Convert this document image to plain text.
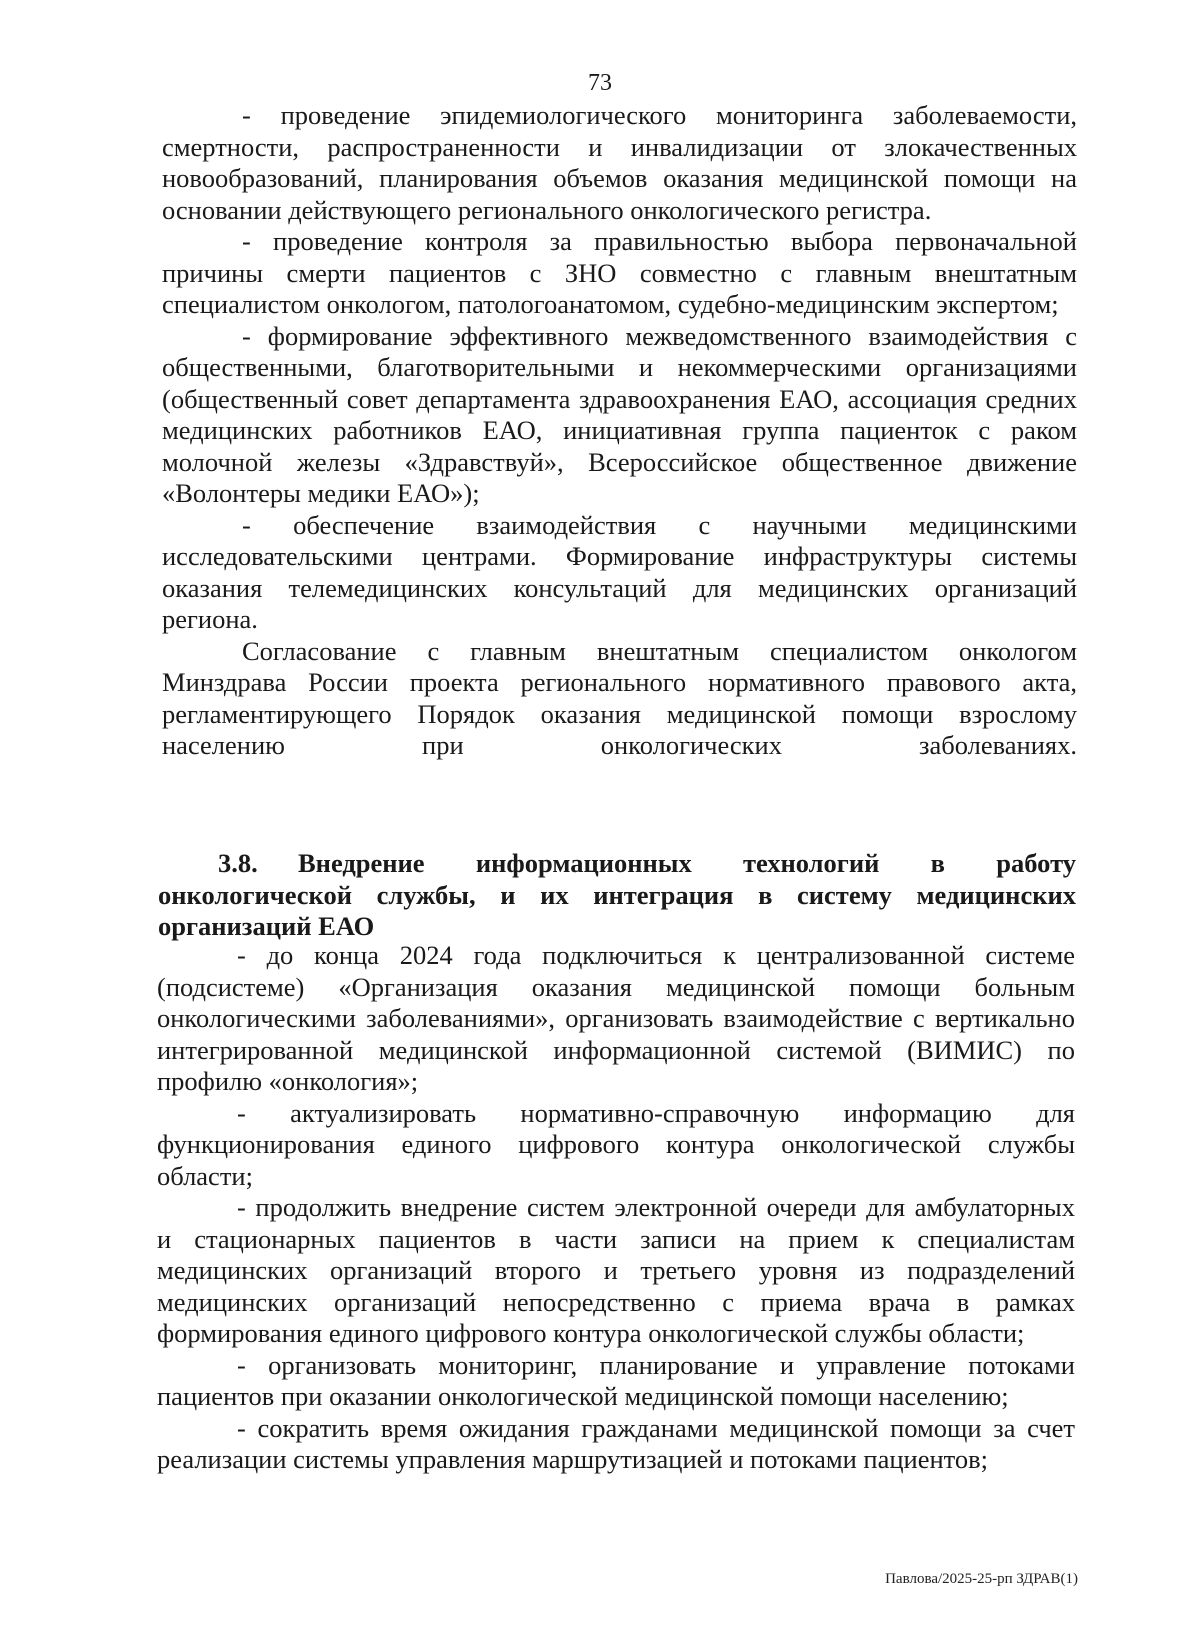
73

- проведение эпидемиологического мониторинга заболеваемости, смертности, распространенности и инвалидизации от злокачественных новообразований, планирования объемов оказания медицинской помощи на основании действующего регионального онкологического регистра.

- проведение контроля за правильностью выбора первоначальной причины смерти пациентов с ЗНО совместно с главным внештатным специалистом онкологом, патологоанатомом, судебно-медицинским экспертом;

- формирование эффективного межведомственного взаимодействия с общественными, благотворительными и некоммерческими организациями (общественный совет департамента здравоохранения ЕАО, ассоциация средних медицинских работников ЕАО, инициативная группа пациенток с раком молочной железы «Здравствуй», Всероссийское общественное движение «Волонтеры медики ЕАО»);

- обеспечение взаимодействия с научными медицинскими исследовательскими центрами. Формирование инфраструктуры системы оказания телемедицинских консультаций для медицинских организаций региона.

Согласование с главным внештатным специалистом онкологом Минздрава России проекта регионального нормативного правового акта, регламентирующего Порядок оказания медицинской помощи взрослому населению при онкологических заболеваниях.

3.8. Внедрение информационных технологий в работу онкологической службы, и их интеграция в систему медицинских организаций ЕАО

- до конца 2024 года подключиться к централизованной системе (подсистеме) «Организация оказания медицинской помощи больным онкологическими заболеваниями», организовать взаимодействие с вертикально интегрированной медицинской информационной системой (ВИМИС) по профилю «онкология»;

- актуализировать нормативно-справочную информацию для функционирования единого цифрового контура онкологической службы области;

- продолжить внедрение систем электронной очереди для амбулаторных и стационарных пациентов в части записи на прием к специалистам медицинских организаций второго и третьего уровня из подразделений медицинских организаций непосредственно с приема врача в рамках формирования единого цифрового контура онкологической службы области;

- организовать мониторинг, планирование и управление потоками пациентов при оказании онкологической медицинской помощи населению;

- сократить время ожидания гражданами медицинской помощи за счет реализации системы управления маршрутизацией и потоками пациентов;

Павлова/2025-25-рп ЗДРАВ(1)
